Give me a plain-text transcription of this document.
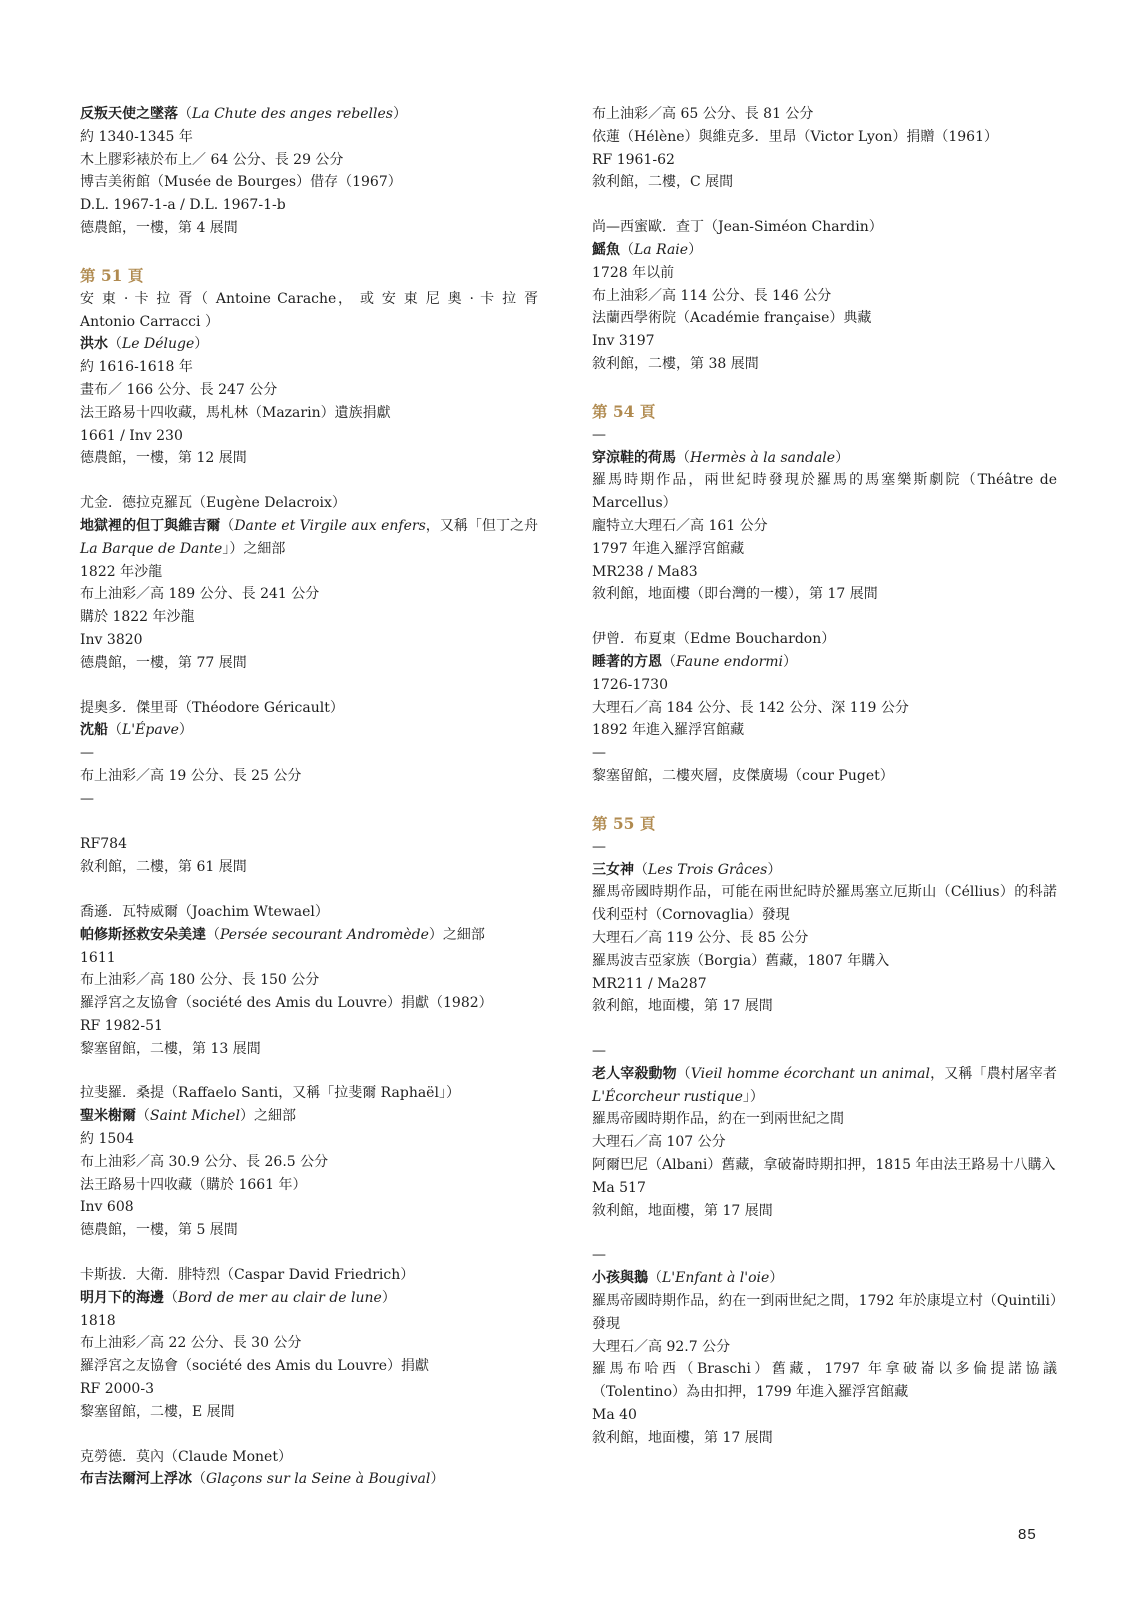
反叛天使之墜落（La Chute des anges rebelles）
約 1340-1345 年
木上膠彩裱於布上／ 64 公分、長 29 公分
博吉美術館（Musée de Bourges）借存（1967）
D.L. 1967-1-a / D.L. 1967-1-b
德農館，一樓，第 4 展間
第 51 頁
安 東 · 卡 拉 胥（ Antoine Carache， 或 安 東 尼 奧 · 卡 拉 胥 Antonio Carracci ）
洪水（Le Déluge）
約 1616-1618 年
畫布／ 166 公分、長 247 公分
法王路易十四收藏，馬札林（Mazarin）遺族捐獻
1661 / Inv 230
德農館，一樓，第 12 展間
尤金．德拉克羅瓦（Eugène Delacroix）
地獄裡的但丁與維吉爾（Dante et Virgile aux enfers，又稱「但丁之舟 La Barque de Dante」）之細部
1822 年沙龍
布上油彩／高 189 公分、長 241 公分
購於 1822 年沙龍
Inv 3820
德農館，一樓，第 77 展間
提奧多．傑里哥（Théodore Géricault）
沈船（L'Épave）
—
布上油彩／高 19 公分、長 25 公分
—
RF784
敘利館，二樓，第 61 展間
喬遜．瓦特威爾（Joachim Wtewael）
帕修斯拯救安朵美達（Persée secourant Andromède）之細部
1611
布上油彩／高 180 公分、長 150 公分
羅浮宮之友協會（société des Amis du Louvre）捐獻（1982）
RF 1982-51
黎塞留館，二樓，第 13 展間
拉斐羅．桑提（Raffaelo Santi，又稱「拉斐爾 Raphaël」）
聖米榭爾（Saint Michel）之細部
約 1504
布上油彩／高 30.9 公分、長 26.5 公分
法王路易十四收藏（購於 1661 年）
Inv 608
德農館，一樓，第 5 展間
卡斯拔．大衛．腓特烈（Caspar David Friedrich）
明月下的海邊（Bord de mer au clair de lune）
1818
布上油彩／高 22 公分、長 30 公分
羅浮宮之友協會（société des Amis du Louvre）捐獻
RF 2000-3
黎塞留館，二樓，E 展間
克勞德．莫內（Claude Monet）
布吉法爾河上浮冰（Glaçons sur la Seine à Bougival）
布上油彩／高 65 公分、長 81 公分
依蓮（Hélène）與維克多．里昂（Victor Lyon）捐贈（1961）
RF 1961-62
敘利館，二樓，C 展間
尚—西蜜歐．查丁（Jean-Siméon Chardin）
鰩魚（La Raie）
1728 年以前
布上油彩／高 114 公分、長 146 公分
法蘭西學術院（Académie française）典藏
Inv 3197
敘利館，二樓，第 38 展間
第 54 頁
—
穿涼鞋的荷馬（Hermès à la sandale）
羅馬時期作品，兩世紀時發現於羅馬的馬塞樂斯劇院（Théâtre de Marcellus）
龐特立大理石／高 161 公分
1797 年進入羅浮宮館藏
MR238 / Ma83
敘利館，地面樓（即台灣的一樓），第 17 展間
伊曾．布夏東（Edme Bouchardon）
睡著的方恩（Faune endormi）
1726-1730
大理石／高 184 公分、長 142 公分、深 119 公分
1892 年進入羅浮宮館藏
—
黎塞留館，二樓夾層，皮傑廣場（cour Puget）
第 55 頁
—
三女神（Les Trois Grâces）
羅馬帝國時期作品，可能在兩世紀時於羅馬塞立厄斯山（Céllius）的科諾伐利亞村（Cornovaglia）發現
大理石／高 119 公分、長 85 公分
羅馬波吉亞家族（Borgia）舊藏，1807 年購入
MR211 / Ma287
敘利館，地面樓，第 17 展間
—
老人宰殺動物（Vieil homme écorchant un animal，又稱「農村屠宰者 L'Écorcheur rustique」）
羅馬帝國時期作品，約在一到兩世紀之間
大理石／高 107 公分
阿爾巴尼（Albani）舊藏，拿破崙時期扣押，1815 年由法王路易十八購入
Ma 517
敘利館，地面樓，第 17 展間
—
小孩與鵝（L'Enfant à l'oie）
羅馬帝國時期作品，約在一到兩世紀之間，1792 年於康堤立村（Quintili）發現
大理石／高 92.7 公分
羅馬布哈西（Braschi）舊藏，1797 年拿破崙以多倫提諾協議（Tolentino）為由扣押，1799 年進入羅浮宮館藏
Ma 40
敘利館，地面樓，第 17 展間
85
